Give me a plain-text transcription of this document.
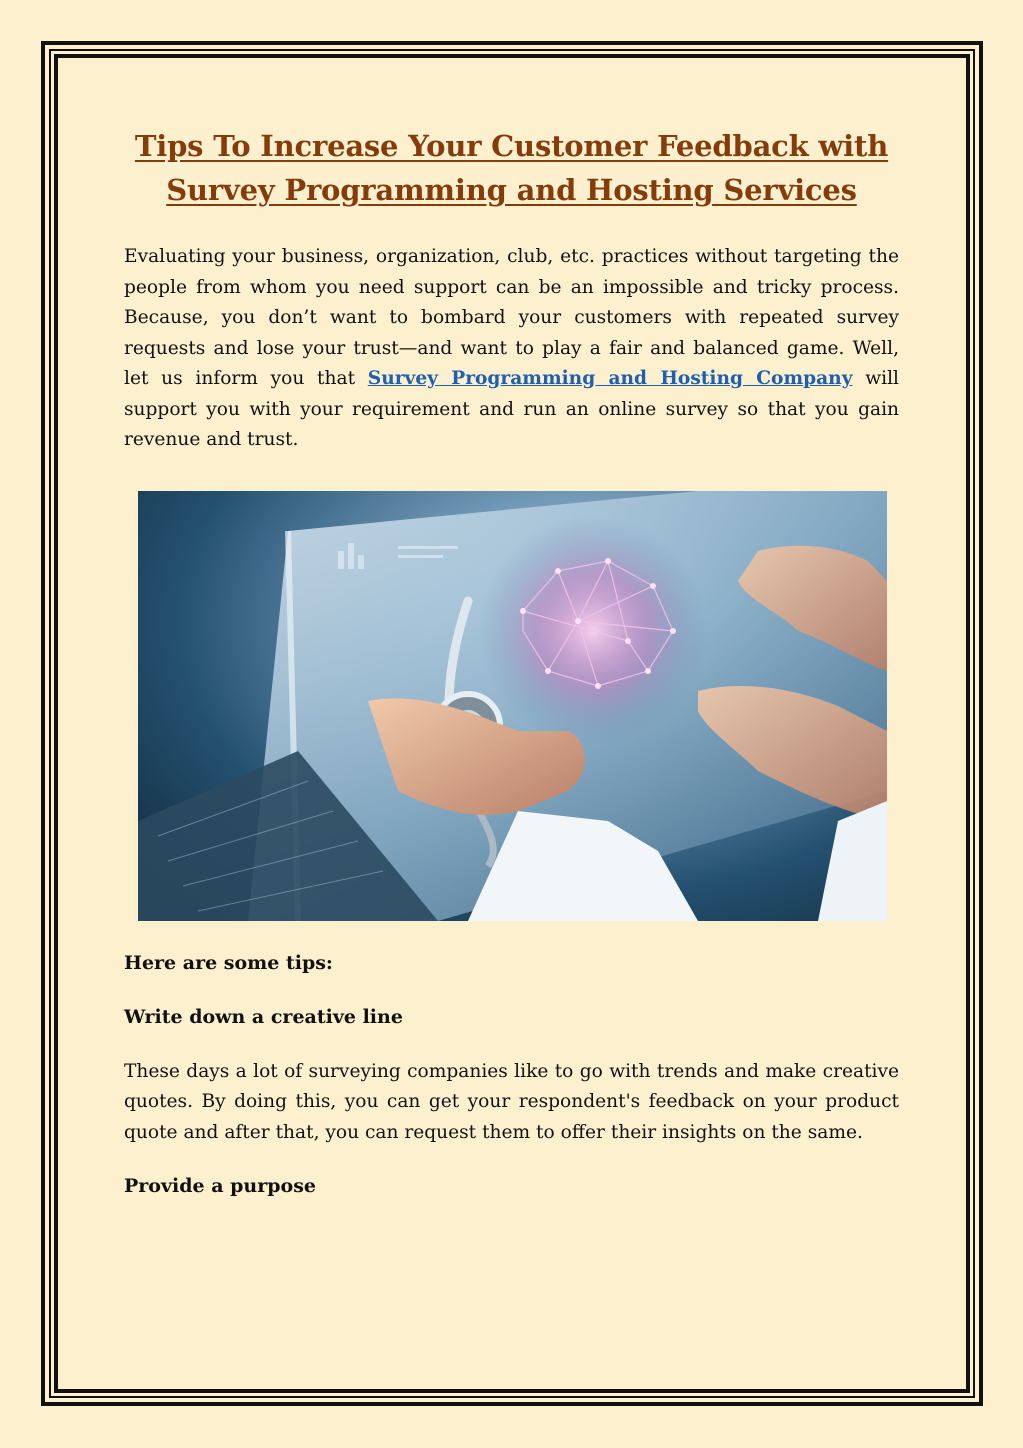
Tips To Increase Your Customer Feedback with Survey Programming and Hosting Services

Evaluating your business, organization, club, etc. practices without targeting the people from whom you need support can be an impossible and tricky process. Because, you don’t want to bombard your customers with repeated survey requests and lose your trust—and want to play a fair and balanced game. Well, let us inform you that Survey Programming and Hosting Company will support you with your requirement and run an online survey so that you gain revenue and trust.

Here are some tips:

Write down a creative line

These days a lot of surveying companies like to go with trends and make creative quotes. By doing this, you can get your respondent's feedback on your product quote and after that, you can request them to offer their insights on the same.

Provide a purpose
